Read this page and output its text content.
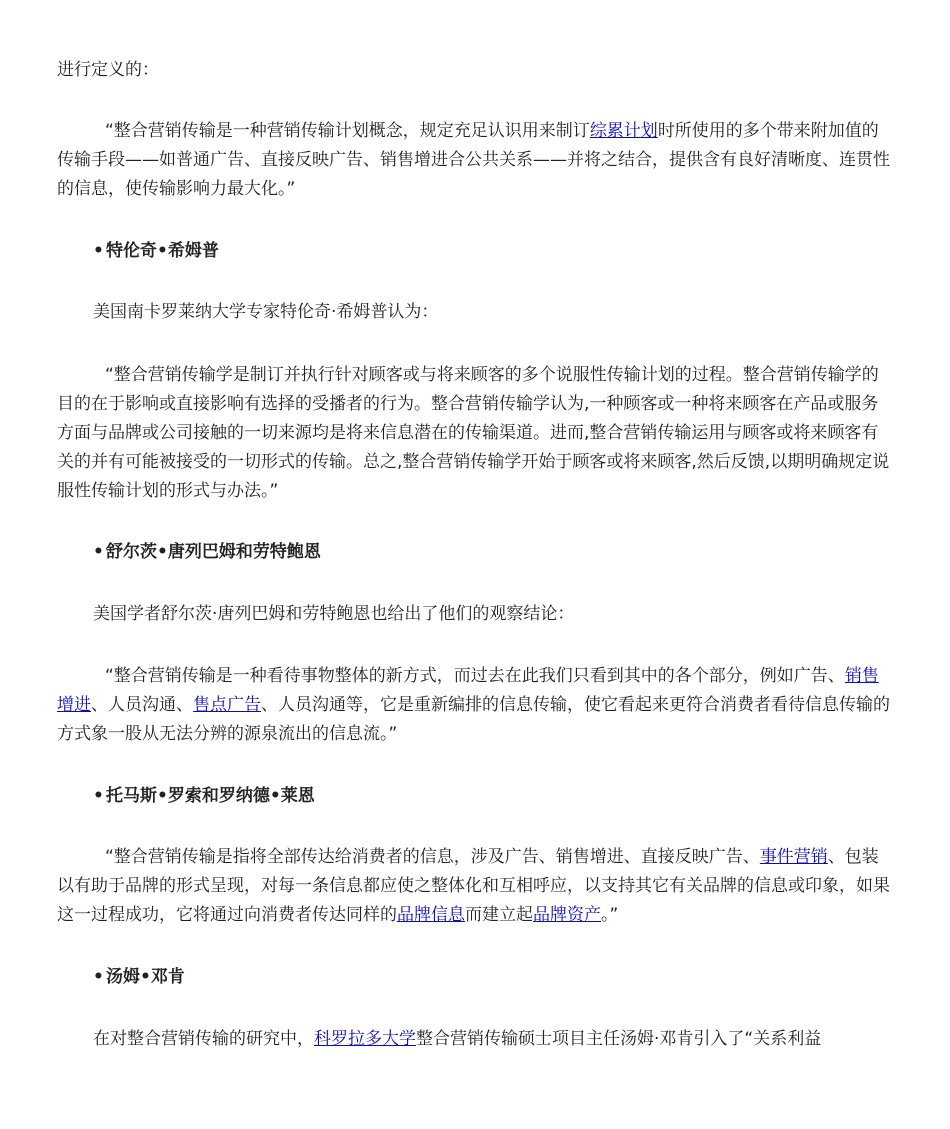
进行定义的：

“整合营销传输是一种营销传输计划概念，规定充足认识用来制订综累计划时所使用的多个带来附加值的传输手段——如普通广告、直接反映广告、销售增进合公共关系——并将之结合，提供含有良好清晰度、连贯性的信息，使传输影响力最大化。”

• 特伦奇•希姆普

美国南卡罗莱纳大学专家特伦奇·希姆普认为：

“整合营销传输学是制订并执行针对顾客或与将来顾客的多个说服性传输计划的过程。整合营销传输学的目的在于影响或直接影响有选择的受播者的行为。整合营销传输学认为,一种顾客或一种将来顾客在产品或服务方面与品牌或公司接触的一切来源均是将来信息潜在的传输渠道。进而,整合营销传输运用与顾客或将来顾客有关的并有可能被接受的一切形式的传输。总之,整合营销传输学开始于顾客或将来顾客,然后反馈,以期明确规定说服性传输计划的形式与办法。”

• 舒尔茨•唐列巴姆和劳特鲍恩

美国学者舒尔茨·唐列巴姆和劳特鲍恩也给出了他们的观察结论：

“整合营销传输是一种看待事物整体的新方式，而过去在此我们只看到其中的各个部分，例如广告、销售增进、人员沟通、售点广告、人员沟通等，它是重新编排的信息传输，使它看起来更符合消费者看待信息传输的方式象一股从无法分辨的源泉流出的信息流。”

• 托马斯•罗索和罗纳德•莱恩

“整合营销传输是指将全部传达给消费者的信息，涉及广告、销售增进、直接反映广告、事件营销、包装以有助于品牌的形式呈现，对每一条信息都应使之整体化和互相呼应，以支持其它有关品牌的信息或印象，如果这一过程成功，它将通过向消费者传达同样的品牌信息而建立起品牌资产。”

• 汤姆•邓肯

在对整合营销传输的研究中，科罗拉多大学整合营销传输硕士项目主任汤姆·邓肯引入了“关系利益
